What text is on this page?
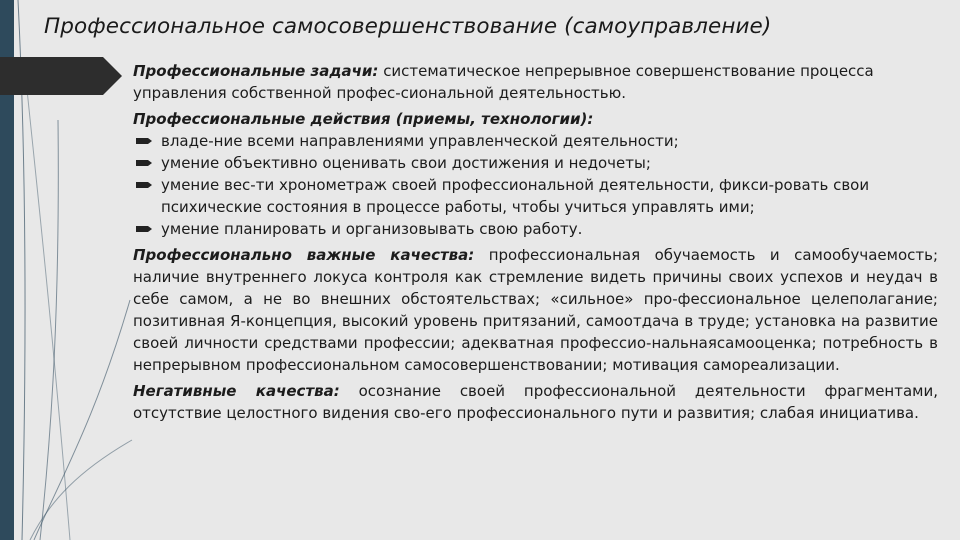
Профессиональное самосовершенствование (самоуправление)

Профессиональные задачи: систематическое непрерывное совершенствование процесса управления собственной профес-сиональной деятельностью.

Профессиональные действия (приемы, технологии):

владе-ние всеми направлениями управленческой деятельности;
умение объективно оценивать свои достижения и недочеты;
умение вес-ти хронометраж своей профессиональной деятельности, фикси-ровать свои психические состояния в процессе работы, чтобы учиться управлять ими;
умение планировать и организовывать свою работу.

Профессионально важные качества: профессиональная обучаемость и самообучаемость; наличие внутреннего локуса контроля как стремление видеть причины своих успехов и неудач в себе самом, а не во внешних обстоятельствах; «сильное» про-фессиональное целеполагание; позитивная Я-концепция, высокий уровень притязаний, самоотдача в труде; установка на развитие своей личности средствами профессии; адекватная профессио-нальнаясамооценка; потребность в непрерывном профессиональном самосовершенствовании; мотивация самореализации.

Негативные качества: осознание своей профессиональной деятельности фрагментами, отсутствие целостного видения сво-его профессионального пути и развития; слабая инициатива.
